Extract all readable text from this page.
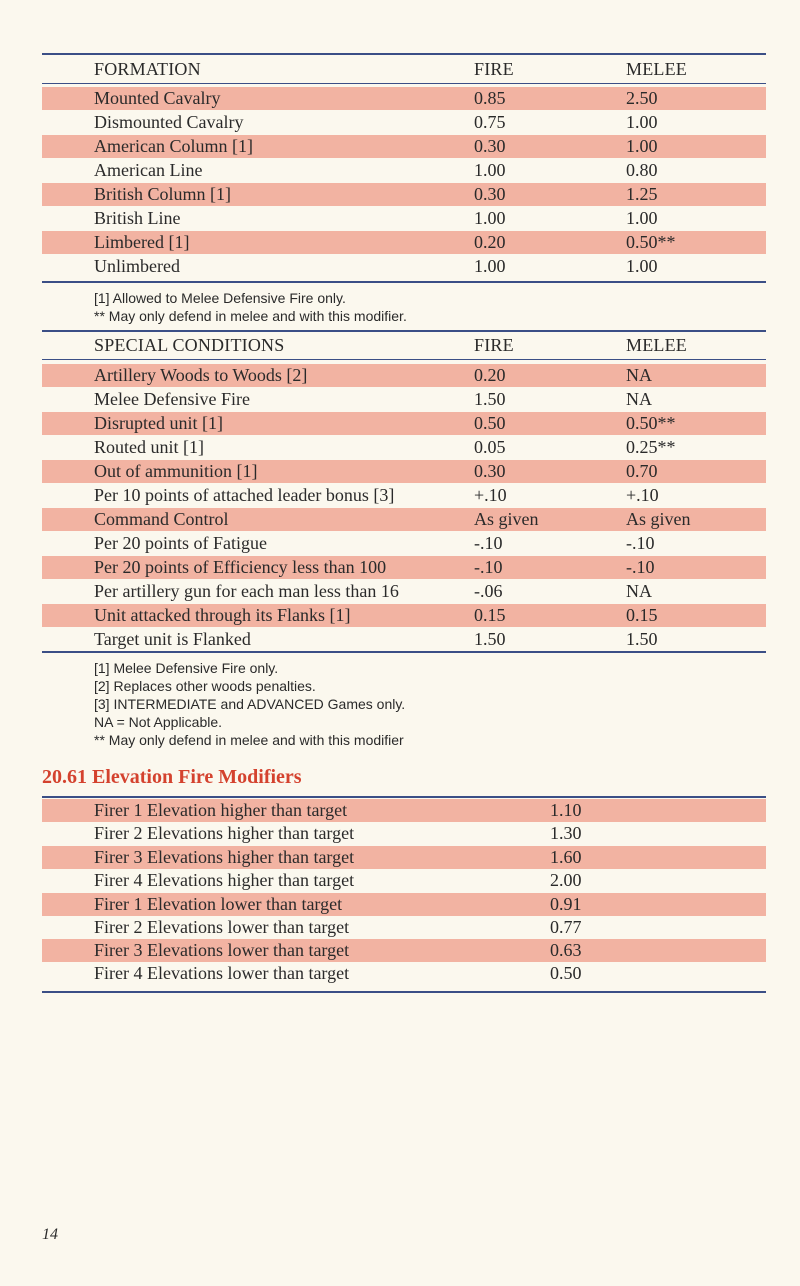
FORMATION	FIRE	MELEE
Mounted Cavalry	0.85	2.50
Dismounted Cavalry	0.75	1.00
American Column [1]	0.30	1.00
American Line	1.00	0.80
British Column [1]	0.30	1.25
British Line	1.00	1.00
Limbered [1]	0.20	0.50**
Unlimbered	1.00	1.00
[1] Allowed to Melee Defensive Fire only.
** May only defend in melee and with this modifier.
SPECIAL CONDITIONS	FIRE	MELEE
Artillery Woods to Woods [2]	0.20	NA
Melee Defensive Fire	1.50	NA
Disrupted unit [1]	0.50	0.50**
Routed unit [1]	0.05	0.25**
Out of ammunition [1]	0.30	0.70
Per 10 points of attached leader bonus [3]	+.10	+.10
Command Control	As given	As given
Per 20 points of Fatigue	-.10	-.10
Per 20 points of Efficiency less than 100	-.10	-.10
Per artillery gun for each man less than 16	-.06	NA
Unit attacked through its Flanks [1]	0.15	0.15
Target unit is Flanked	1.50	1.50
[1] Melee Defensive Fire only.
[2] Replaces other woods penalties.
[3] INTERMEDIATE and ADVANCED Games only.
NA = Not Applicable.
** May only defend in melee and with this modifier
20.61 Elevation Fire Modifiers
Firer 1 Elevation higher than target	1.10
Firer 2 Elevations higher than target	1.30
Firer 3 Elevations higher than target	1.60
Firer 4 Elevations higher than target	2.00
Firer 1 Elevation lower than target	0.91
Firer 2 Elevations lower than target	0.77
Firer 3 Elevations lower than target	0.63
Firer 4 Elevations lower than target	0.50
14
